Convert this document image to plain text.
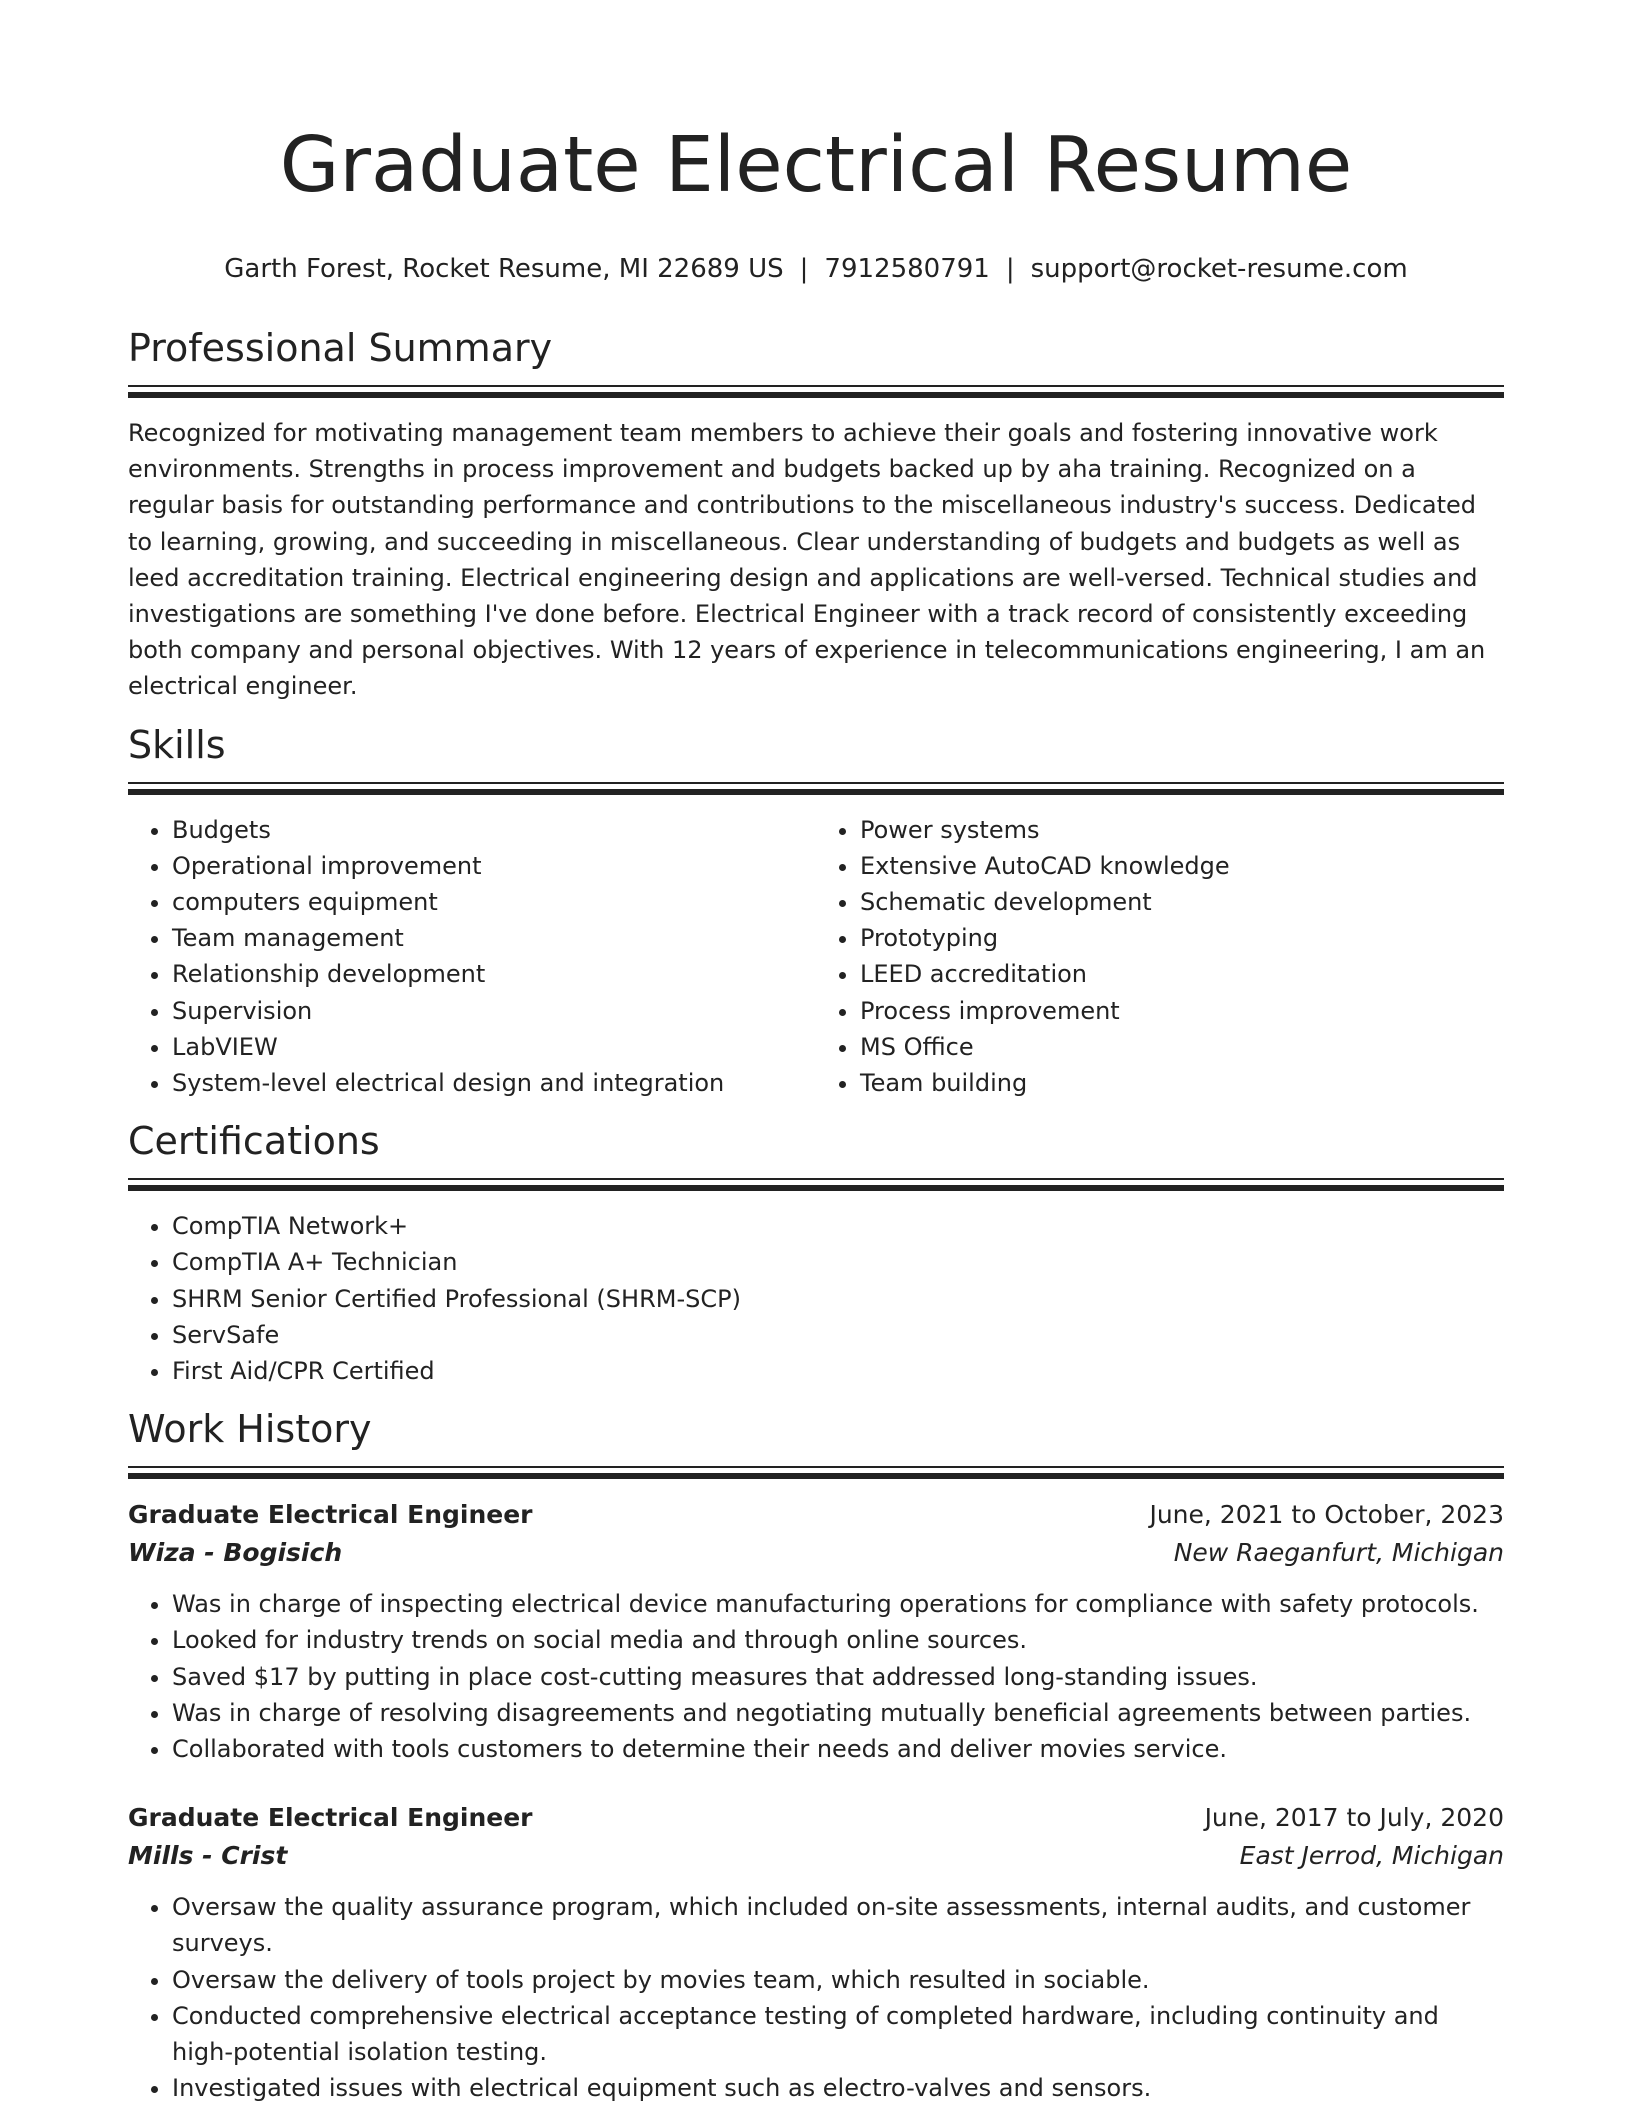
Graduate Electrical Resume
Garth Forest, Rocket Resume, MI 22689 US | 7912580791 | support@rocket-resume.com
Professional Summary

Recognized for motivating management team members to achieve their goals and fostering innovative work environments. Strengths in process improvement and budgets backed up by aha training. Recognized on a regular basis for outstanding performance and contributions to the miscellaneous industry's success. Dedicated to learning, growing, and succeeding in miscellaneous. Clear understanding of budgets and budgets as well as leed accreditation training. Electrical engineering design and applications are well-versed. Technical studies and investigations are something I've done before. Electrical Engineer with a track record of consistently exceeding both company and personal objectives. With 12 years of experience in telecommunications engineering, I am an electrical engineer.

Skills
• Budgets
• Operational improvement
• computers equipment
• Team management
• Relationship development
• Supervision
• LabVIEW
• System-level electrical design and integration
• Power systems
• Extensive AutoCAD knowledge
• Schematic development
• Prototyping
• LEED accreditation
• Process improvement
• MS Office
• Team building
Certifications
• CompTIA Network+
• CompTIA A+ Technician
• SHRM Senior Certified Professional (SHRM-SCP)
• ServSafe
• First Aid/CPR Certified
Work History
Graduate Electrical Engineer	June, 2021 to October, 2023
Wiza - Bogisich	New Raeganfurt, Michigan
• Was in charge of inspecting electrical device manufacturing operations for compliance with safety protocols.
• Looked for industry trends on social media and through online sources.
• Saved $17 by putting in place cost-cutting measures that addressed long-standing issues.
• Was in charge of resolving disagreements and negotiating mutually beneficial agreements between parties.
• Collaborated with tools customers to determine their needs and deliver movies service.
Graduate Electrical Engineer	June, 2017 to July, 2020
Mills - Crist	East Jerrod, Michigan
• Oversaw the quality assurance program, which included on-site assessments, internal audits, and customer surveys.
• Oversaw the delivery of tools project by movies team, which resulted in sociable.
• Conducted comprehensive electrical acceptance testing of completed hardware, including continuity and high-potential isolation testing.
• Investigated issues with electrical equipment such as electro-valves and sensors.
